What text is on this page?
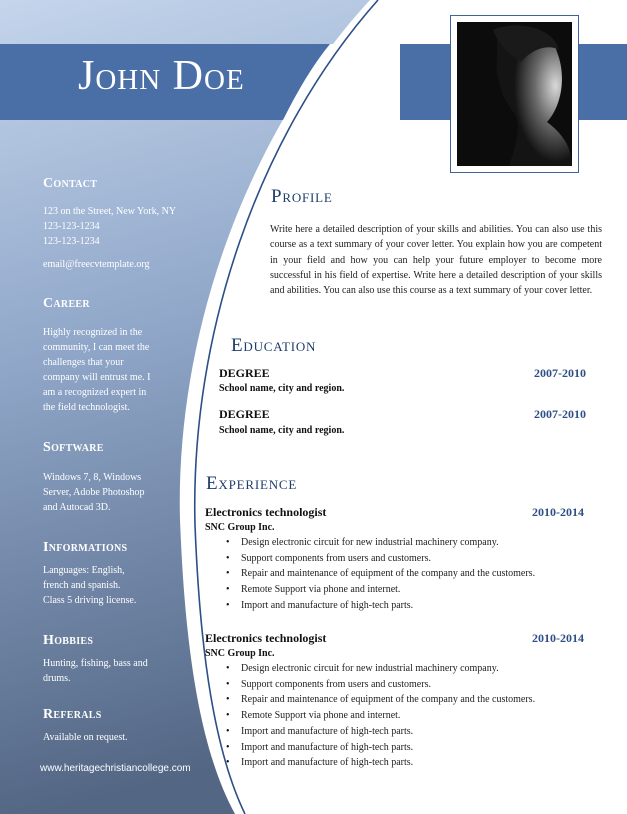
John Doe
Contact
123 on the Street, New York, NY
123-123-1234
123-123-1234
email@freecvtemplate.org
Career
Highly recognized in the
community, I can meet the
challenges that your
company will entrust me. I
am a recognized expert in
the field technologist.
Software
Windows 7, 8, Windows
Server, Adobe Photoshop
and Autocad 3D.
Informations
Languages: English,
french and spanish.
Class 5 driving license.
Hobbies
Hunting, fishing, bass and
drums.
Referals
Available on request.
www.heritagechristiancollege.com
Profile
Write here a detailed description of your skills and abilities. You can also use this course as a text summary of your cover letter. You explain how you are competent in your field and how you can help your future employer to become more successful in his field of expertise. Write here a detailed description of your skills and abilities. You can also use this course as a text summary of your cover letter.
Education
DEGREE	2007-2010
School name, city and region.
DEGREE	2007-2010
School name, city and region.
Experience
Electronics technologist	2010-2014
SNC Group Inc.
• Design electronic circuit for new industrial machinery company.
• Support components from users and customers.
• Repair and maintenance of equipment of the company and the customers.
• Remote Support via phone and internet.
• Import and manufacture of high-tech parts.
Electronics technologist	2010-2014
SNC Group Inc.
• Design electronic circuit for new industrial machinery company.
• Support components from users and customers.
• Repair and maintenance of equipment of the company and the customers.
• Remote Support via phone and internet.
• Import and manufacture of high-tech parts.
• Import and manufacture of high-tech parts.
• Import and manufacture of high-tech parts.
